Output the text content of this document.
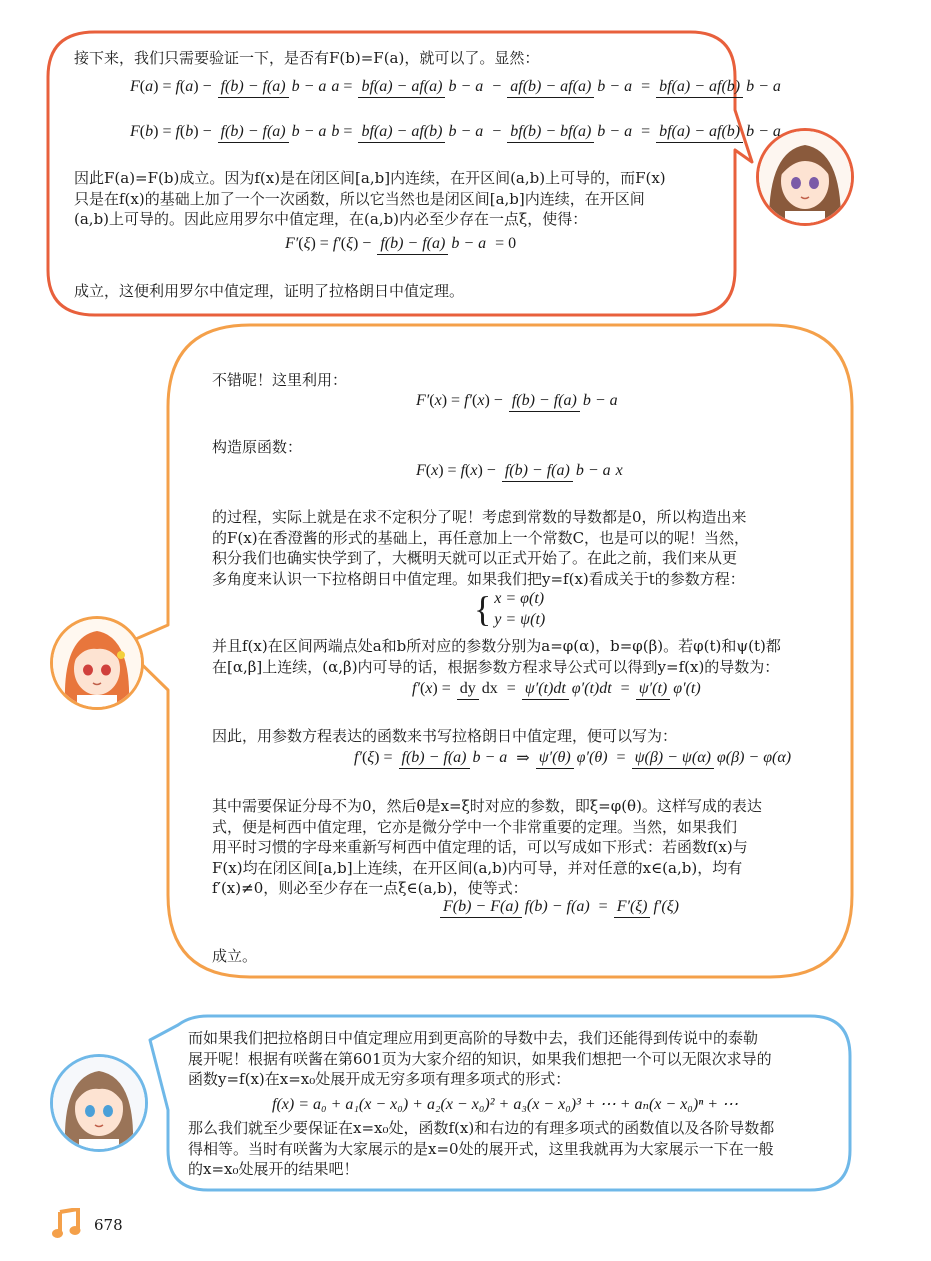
接下来，我们只需要验证一下，是否有F(b)=F(a)，就可以了。显然：
F ( a ) = f ( a ) − f(b) − f(a) b − a a = bf(a) − af(a) b − a − af(b) − af(a) b − a = bf(a) − af(b) b − a
F ( b ) = f ( b ) − f(b) − f(a) b − a b = bf(a) − af(b) b − a − bf(b) − bf(a) b − a = bf(a) − af(b) b − a

因此F(a)=F(b)成立。因为f(x)是在闭区间[a,b]内连续，在开区间(a,b)上可导的，而F(x)

只是在f(x)的基础上加了一个一次函数，所以它当然也是闭区间[a,b]内连续，在开区间

(a,b)上可导的。因此应用罗尔中值定理，在(a,b)内必至少存在一点ξ，使得：

F′ ( ξ ) = f′ ( ξ ) − f(b) − f(a) b − a = 0
成立，这便利用罗尔中值定理，证明了拉格朗日中值定理。
不错呢！这里利用：
F′ ( x ) = f′ ( x ) − f(b) − f(a) b − a
构造原函数：
F ( x ) = f ( x ) − f(b) − f(a) b − a x

的过程，实际上就是在求不定积分了呢！考虑到常数的导数都是0，所以构造出来

的F(x)在香澄酱的形式的基础上，再任意加上一个常数C，也是可以的呢！当然，

积分我们也确实快学到了，大概明天就可以正式开始了。在此之前，我们来从更

多角度来认识一下拉格朗日中值定理。如果我们把y=f(x)看成关于t的参数方程：

{ x = φ(t)
y = ψ(t)

并且f(x)在区间两端点处a和b所对应的参数分别为a=φ(α)，b=φ(β)。若φ(t)和ψ(t)都

在[α,β]上连续，(α,β)内可导的话，根据参数方程求导公式可以得到y=f(x)的导数为：

f′ ( x ) = dy dx = ψ′(t)dt φ′(t)dt = ψ′(t) φ′(t)
因此，用参数方程表达的函数来书写拉格朗日中值定理，便可以写为：
f′ ( ξ ) = f(b) − f(a) b − a ⇒ ψ′(θ) φ′(θ) = ψ(β) − ψ(α) φ(β) − φ(α)

其中需要保证分母不为0，然后θ是x=ξ时对应的参数，即ξ=φ(θ)。这样写成的表达

式，便是柯西中值定理，它亦是微分学中一个非常重要的定理。当然，如果我们

用平时习惯的字母来重新写柯西中值定理的话，可以写成如下形式：若函数f(x)与

F(x)均在闭区间[a,b]上连续，在开区间(a,b)内可导，并对任意的x∈(a,b)，均有

f′(x)≠0，则必至少存在一点ξ∈(a,b)，使等式：

F(b) − F(a) f(b) − f(a) = F′(ξ) f′(ξ)
成立。

而如果我们把拉格朗日中值定理应用到更高阶的导数中去，我们还能得到传说中的泰勒

展开呢！根据有咲酱在第601页为大家介绍的知识，如果我们想把一个可以无限次求导的

函数y=f(x)在x=x₀处展开成无穷多项有理多项式的形式：

f(x) = a₀ + a₁(x − x₀) + a₂(x − x₀)² + a₃(x − x₀)³ + ⋯ + aₙ(x − x₀)ⁿ + ⋯

那么我们就至少要保证在x=x₀处，函数f(x)和右边的有理多项式的函数值以及各阶导数都

得相等。当时有咲酱为大家展示的是x=0处的展开式，这里我就再为大家展示一下在一般

的x=x₀处展开的结果吧！

678
